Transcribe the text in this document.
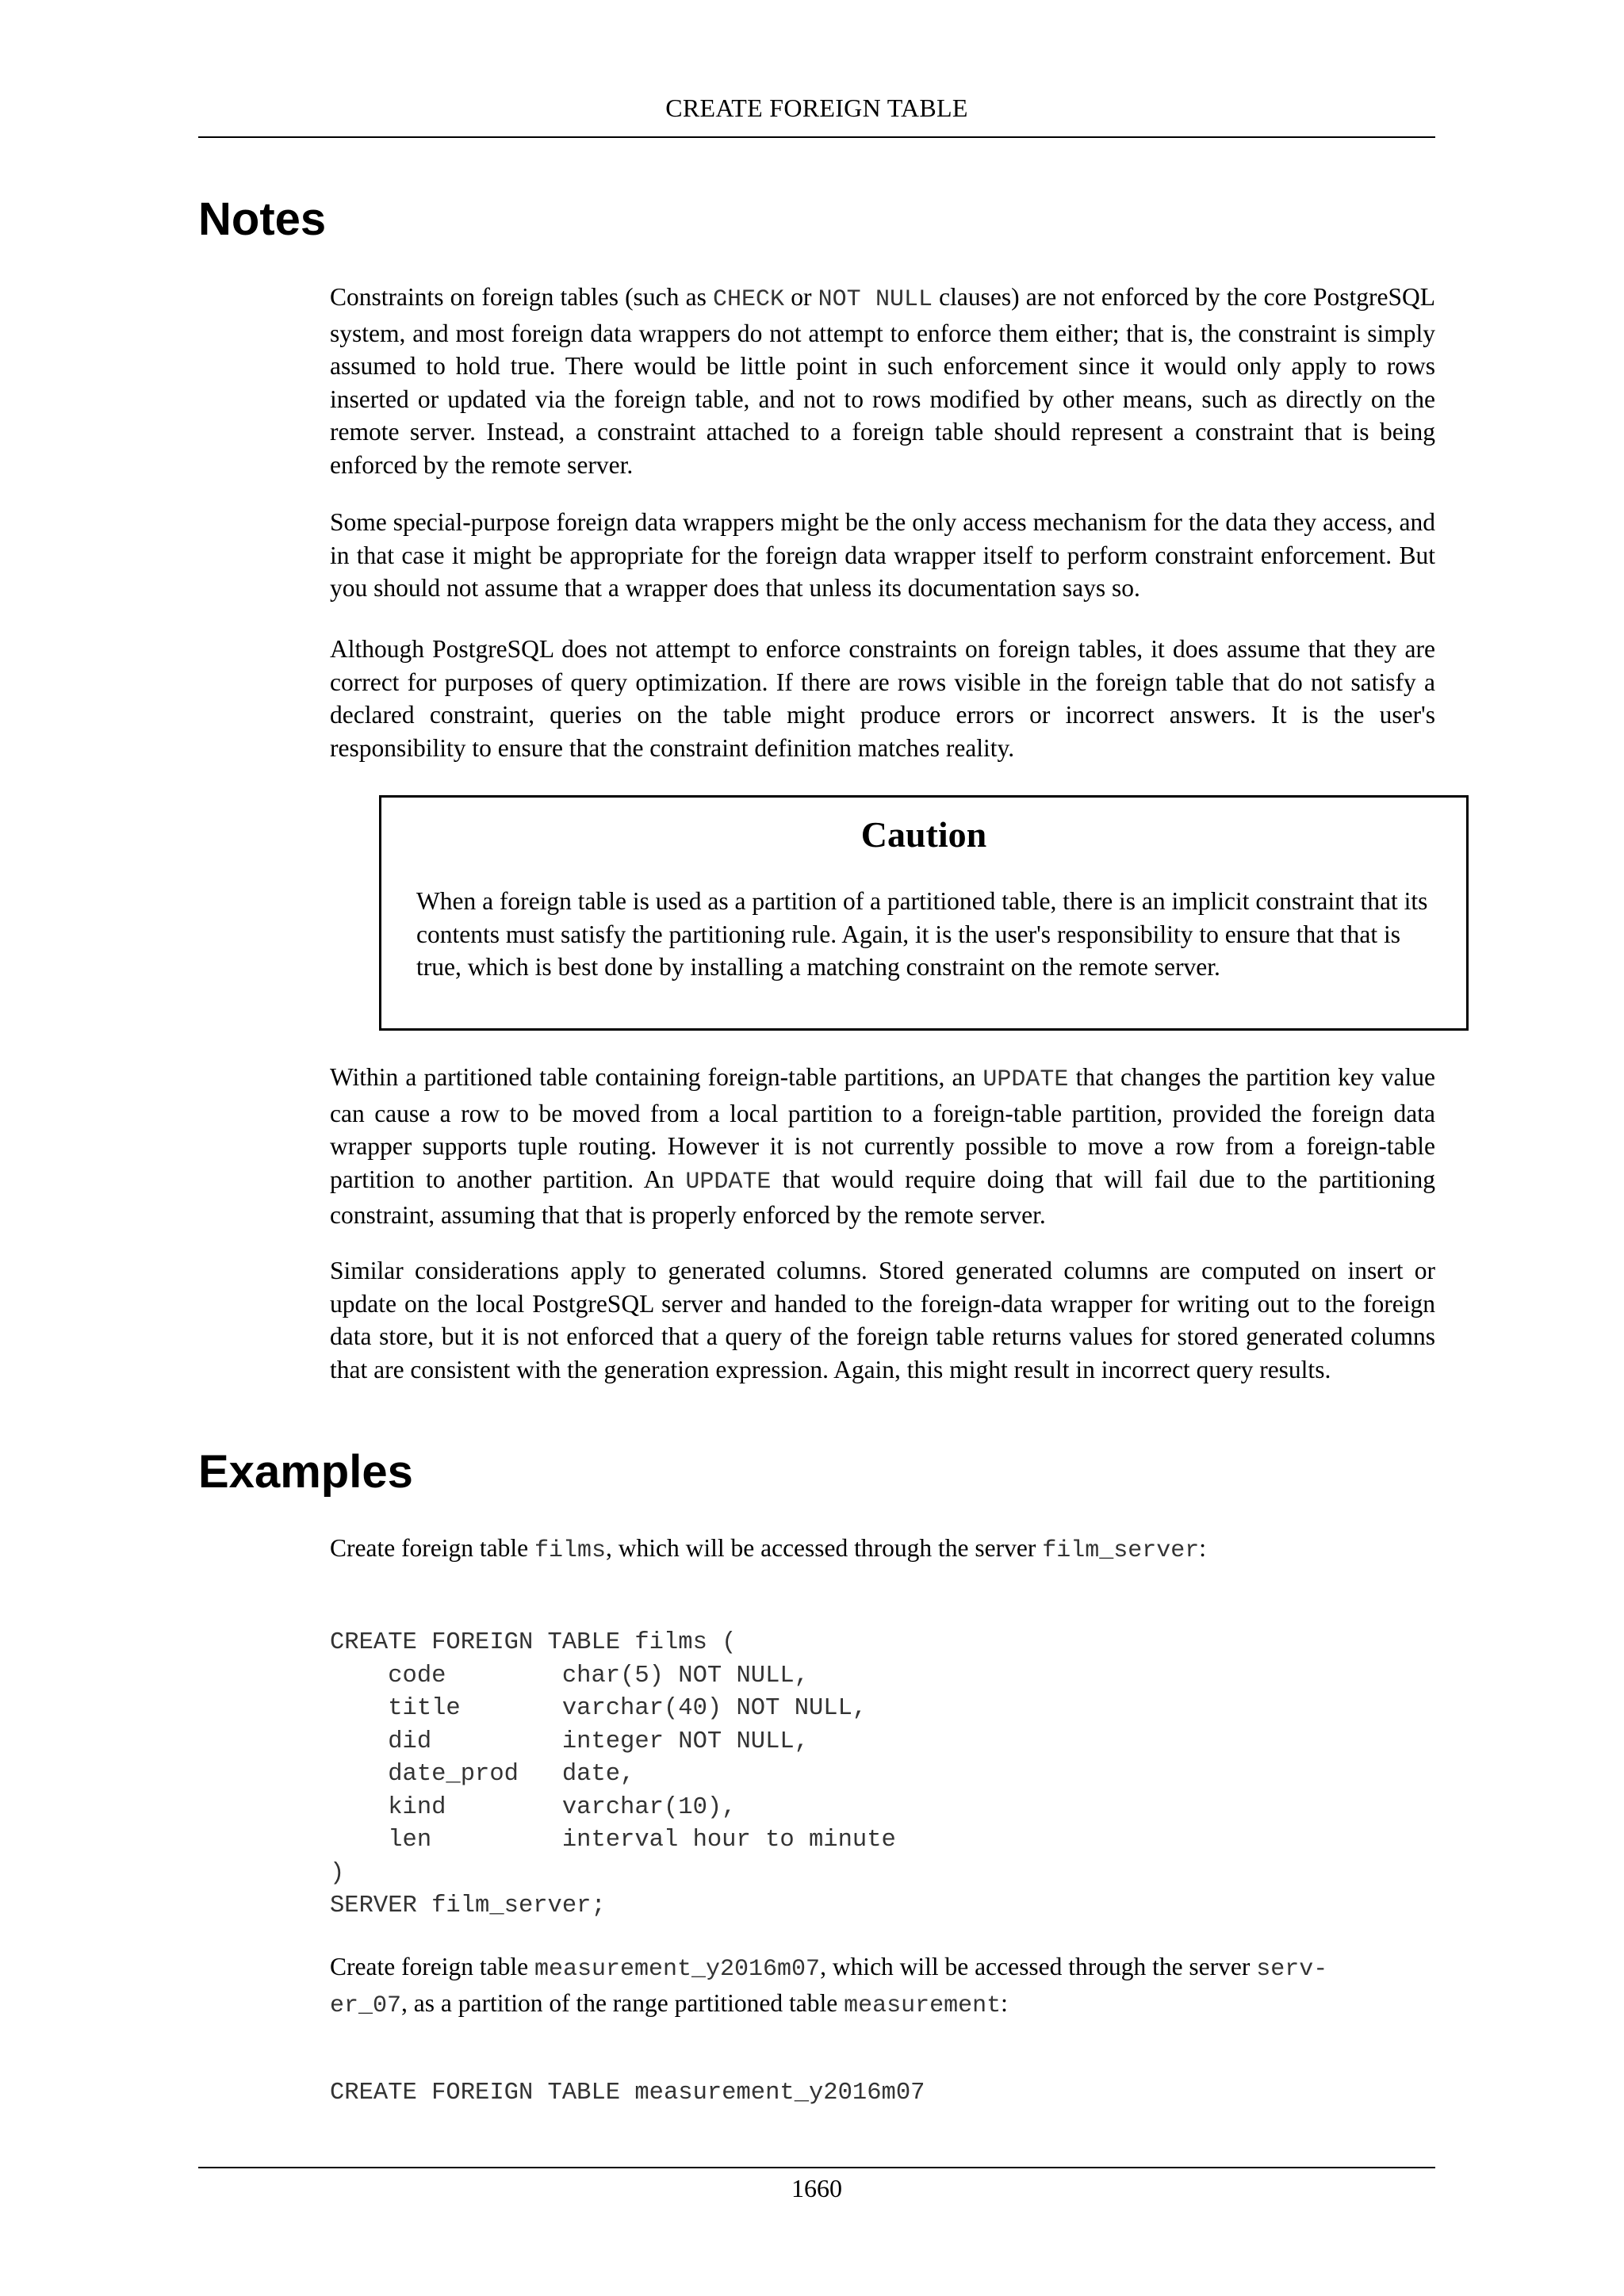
CREATE FOREIGN TABLE
Notes

Constraints on foreign tables (such as CHECK or NOT NULL clauses) are not enforced by the core PostgreSQL system, and most foreign data wrappers do not attempt to enforce them either; that is, the constraint is simply assumed to hold true. There would be little point in such enforcement since it would only apply to rows inserted or updated via the foreign table, and not to rows modified by other means, such as directly on the remote server. Instead, a constraint attached to a foreign table should represent a constraint that is being enforced by the remote server.

Some special-purpose foreign data wrappers might be the only access mechanism for the data they access, and in that case it might be appropriate for the foreign data wrapper itself to perform constraint enforcement. But you should not assume that a wrapper does that unless its documentation says so.

Although PostgreSQL does not attempt to enforce constraints on foreign tables, it does assume that they are correct for purposes of query optimization. If there are rows visible in the foreign table that do not satisfy a declared constraint, queries on the table might produce errors or incorrect answers. It is the user's responsibility to ensure that the constraint definition matches reality.

Caution

When a foreign table is used as a partition of a partitioned table, there is an implicit constraint that its contents must satisfy the partitioning rule. Again, it is the user's responsibility to ensure that that is true, which is best done by installing a matching constraint on the remote server.

Within a partitioned table containing foreign-table partitions, an UPDATE that changes the partition key value can cause a row to be moved from a local partition to a foreign-table partition, provided the foreign data wrapper supports tuple routing. However it is not currently possible to move a row from a foreign-table partition to another partition. An UPDATE that would require doing that will fail due to the partitioning constraint, assuming that that is properly enforced by the remote server.

Similar considerations apply to generated columns. Stored generated columns are computed on insert or update on the local PostgreSQL server and handed to the foreign-data wrapper for writing out to the foreign data store, but it is not enforced that a query of the foreign table returns values for stored generated columns that are consistent with the generation expression. Again, this might result in incorrect query results.

Examples

Create foreign table films, which will be accessed through the server film_server:

CREATE FOREIGN TABLE films (
code        char(5) NOT NULL,
title       varchar(40) NOT NULL,
did         integer NOT NULL,
date_prod   date,
kind        varchar(10),
len         interval hour to minute
)
SERVER film_server;

Create foreign table measurement_y2016m07, which will be accessed through the server serv-
er_07, as a partition of the range partitioned table measurement:

CREATE FOREIGN TABLE measurement_y2016m07
1660
